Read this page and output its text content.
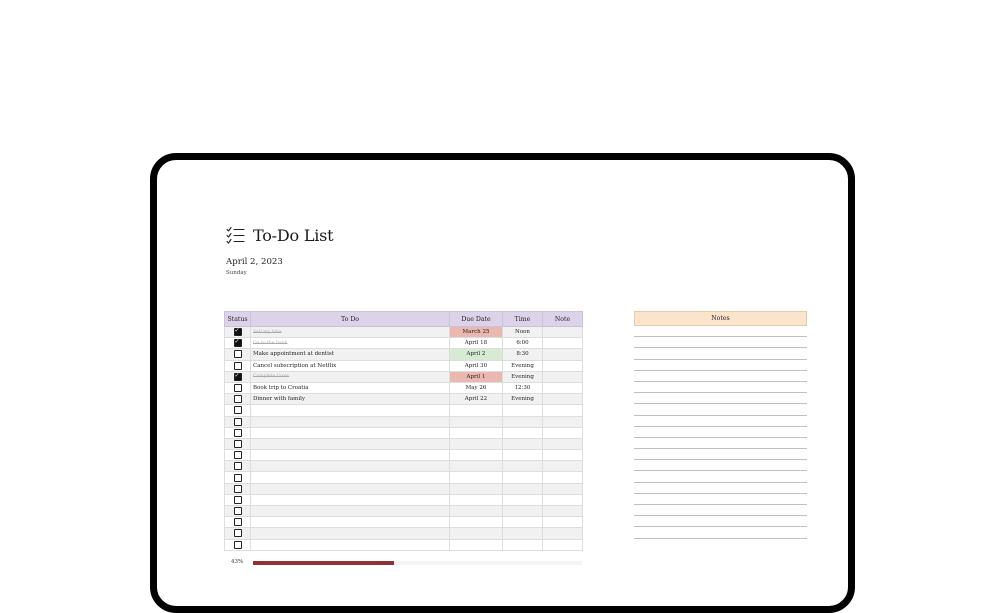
To-Do List
April 2, 2023
Sunday
Status	To Do	Due Date	Time	Note
✓	Sell my bike	March 25	Noon	
✓	Go to the bank	April 18	6:00	
	Make appointment at dentist	April 2	8:30	
	Cancel subscription at Netflix	April 30	Evening	
✓	Complete taxes	April 1	Evening	
	Book trip to Croatia	May 26	12:30	
	Dinner with family	April 22	Evening	

Notes
43%
